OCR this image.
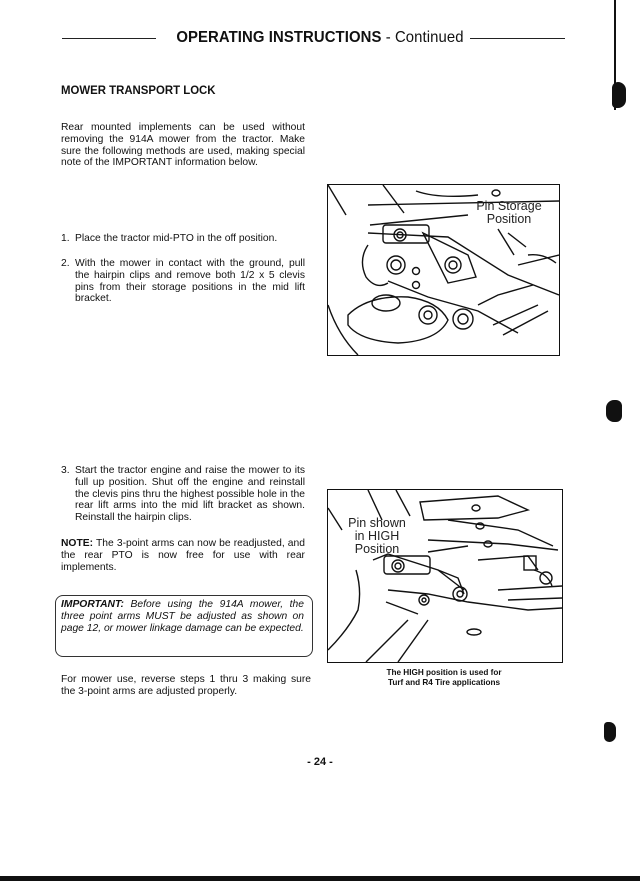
OPERATING INSTRUCTIONS - Continued
MOWER TRANSPORT LOCK
Rear mounted implements can be used without removing the 914A mower from the tractor. Make sure the following methods are used, making special note of the IMPORTANT information below.
1. Place the tractor mid-PTO in the off position.
2. With the mower in contact with the ground, pull the hairpin clips and remove both 1/2 x 5 clevis pins from their storage positions in the mid lift bracket.
3. Start the tractor engine and raise the mower to its full up position. Shut off the engine and reinstall the clevis pins thru the highest possible hole in the rear lift arms into the mid lift bracket as shown. Reinstall the hairpin clips.
NOTE: The 3-point arms can now be readjusted, and the rear PTO is now free for use with rear implements.
IMPORTANT: Before using the 914A mower, the three point arms MUST be adjusted as shown on page 12, or mower linkage damage can be expected.
For mower use, reverse steps 1 thru 3 making sure the 3-point arms are adjusted properly.
Pin Storage
Position
Pin shown
in HIGH
Position
The HIGH position is used for
Turf and R4 Tire applications
- 24 -
